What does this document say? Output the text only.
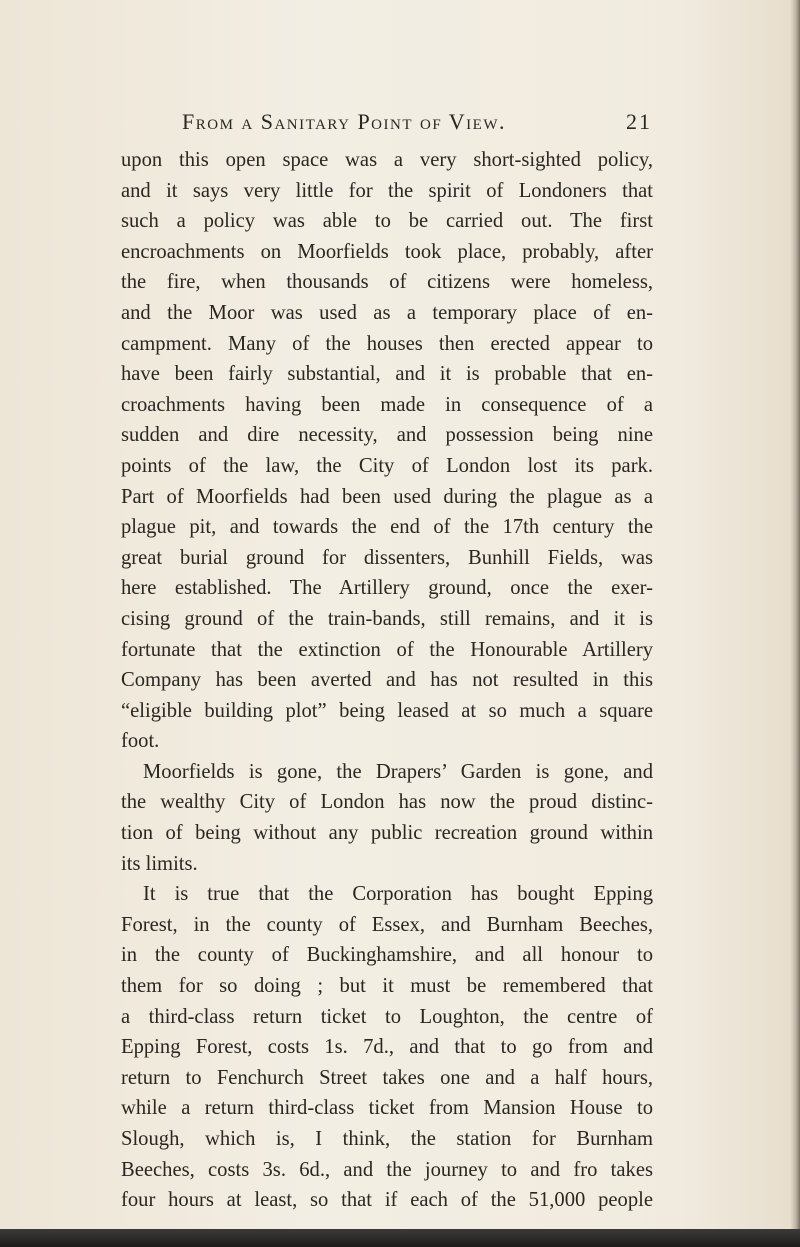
From a Sanitary Point of View.	21
upon this open space was a very short-sighted policy,
and it says very little for the spirit of Londoners that
such a policy was able to be carried out. The first
encroachments on Moorfields took place, probably, after
the fire, when thousands of citizens were homeless,
and the Moor was used as a temporary place of en-
campment. Many of the houses then erected appear to
have been fairly substantial, and it is probable that en-
croachments having been made in consequence of a
sudden and dire necessity, and possession being nine
points of the law, the City of London lost its park.
Part of Moorfields had been used during the plague as a
plague pit, and towards the end of the 17th century the
great burial ground for dissenters, Bunhill Fields, was
here established. The Artillery ground, once the exer-
cising ground of the train-bands, still remains, and it is
fortunate that the extinction of the Honourable Artillery
Company has been averted and has not resulted in this
“eligible building plot” being leased at so much a square
foot.
Moorfields is gone, the Drapers’ Garden is gone, and
the wealthy City of London has now the proud distinc-
tion of being without any public recreation ground within
its limits.
It is true that the Corporation has bought Epping
Forest, in the county of Essex, and Burnham Beeches,
in the county of Buckinghamshire, and all honour to
them for so doing ; but it must be remembered that
a third-class return ticket to Loughton, the centre of
Epping Forest, costs 1s. 7d., and that to go from and
return to Fenchurch Street takes one and a half hours,
while a return third-class ticket from Mansion House to
Slough, which is, I think, the station for Burnham
Beeches, costs 3s. 6d., and the journey to and fro takes
four hours at least, so that if each of the 51,000 people
